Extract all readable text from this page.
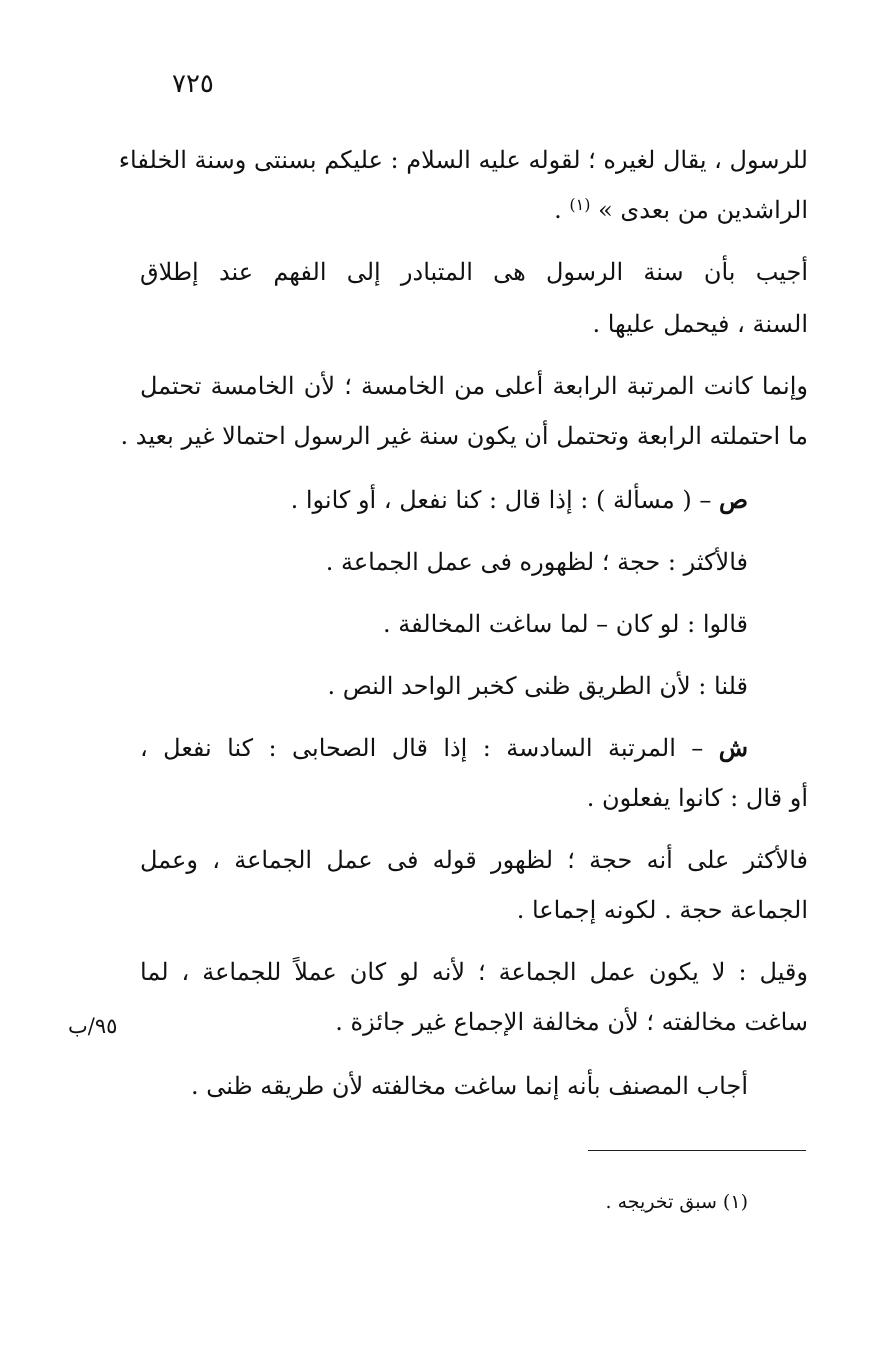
٧٢٥
للرسول ، يقال لغيره ؛ لقوله عليه السلام : عليكم بسنتى وسنة الخلفاء
الراشدين من بعدى » $^{(١)}$ .
أجيب بأن سنة الرسول هى المتبادر إلى الفهم عند إطلاق
السنة ، فيحمل عليها .
وإنما كانت المرتبة الرابعة أعلى من الخامسة ؛ لأن الخامسة تحتمل
ما احتملته الرابعة وتحتمل أن يكون سنة غير الرسول احتمالا غير بعيد .
ص – ( مسألة ) : إذا قال : كنا نفعل ، أو كانوا .
فالأكثر : حجة ؛ لظهوره فى عمل الجماعة .
قالوا : لو كان – لما ساغت المخالفة .
قلنا : لأن الطريق ظنى كخبر الواحد النص .
ش – المرتبة السادسة : إذا قال الصحابى : كنا نفعل ،
أو قال : كانوا يفعلون .
فالأكثر على أنه حجة ؛ لظهور قوله فى عمل الجماعة ، وعمل
الجماعة حجة . لكونه إجماعا .
وقيل : لا يكون عمل الجماعة ؛ لأنه لو كان عملاً للجماعة ، لما
ساغت مخالفته ؛ لأن مخالفة الإجماع غير جائزة .
٩٥/ب
أجاب المصنف بأنه إنما ساغت مخالفته لأن طريقه ظنى .
(١) سبق تخريجه .
